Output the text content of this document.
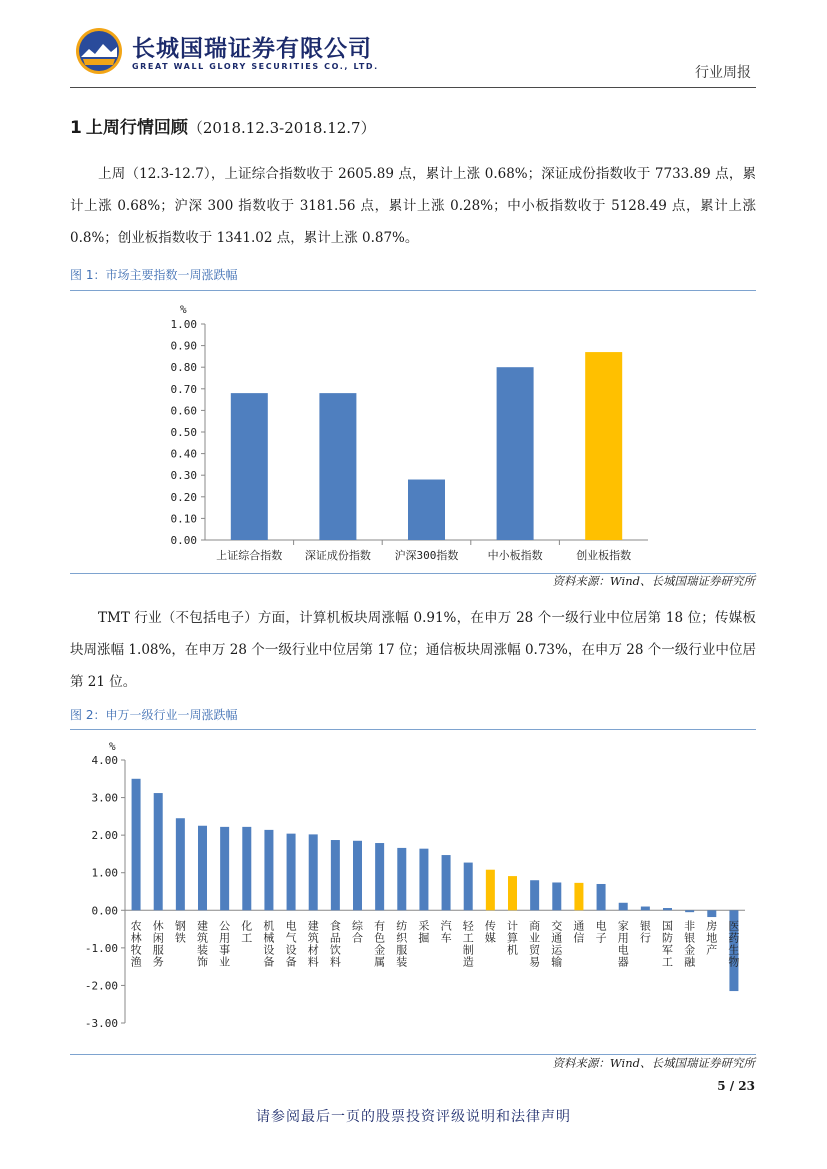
长城国瑞证券有限公司
GREAT WALL GLORY SECURITIES CO., LTD.	行业周报
1 上周行情回顾（2018.12.3-2018.12.7）
上周（12.3-12.7），上证综合指数收于 2605.89 点，累计上涨 0.68%；深证成份指数收于 7733.89 点，累计上涨 0.68%；沪深 300 指数收于 3181.56 点，累计上涨 0.28%；中小板指数收于 5128.49 点，累计上涨 0.8%；创业板指数收于 1341.02 点，累计上涨 0.87%。
图 1：市场主要指数一周涨跌幅
%
0.00
0.10
0.20
0.30
0.40
0.50
0.60
0.70
0.80
0.90
1.00
上证综合指数 深证成份指数 沪深300指数	中小板指数	创业板指数
资料来源：Wind、长城国瑞证券研究所
TMT 行业（不包括电子）方面，计算机板块周涨幅 0.91%，在申万 28 个一级行业中位居第 18 位；传媒板块周涨幅 1.08%，在申万 28 个一级行业中位居第 17 位；通信板块周涨幅 0.73%，在申万 28 个一级行业中位居第 21 位。
图 2：申万一级行业一周涨跌幅
%
-3.00
-2.00
-1.00
0.00
1.00
2.00
3.00
4.00
农林牧渔
休闲服务
钢铁
建筑装饰
公用事业
化工
机械设备
电气设备
建筑材料
食品饮料
综合
有色金属
纺织服装
采掘
汽车
轻工制造
传媒
计算机
商业贸易
交通运输
通信
电子
家用电器
银行
国防军工
非银金融
房地产
医药生物
资料来源：Wind、长城国瑞证券研究所
5 / 23
请参阅最后一页的股票投资评级说明和法律声明
